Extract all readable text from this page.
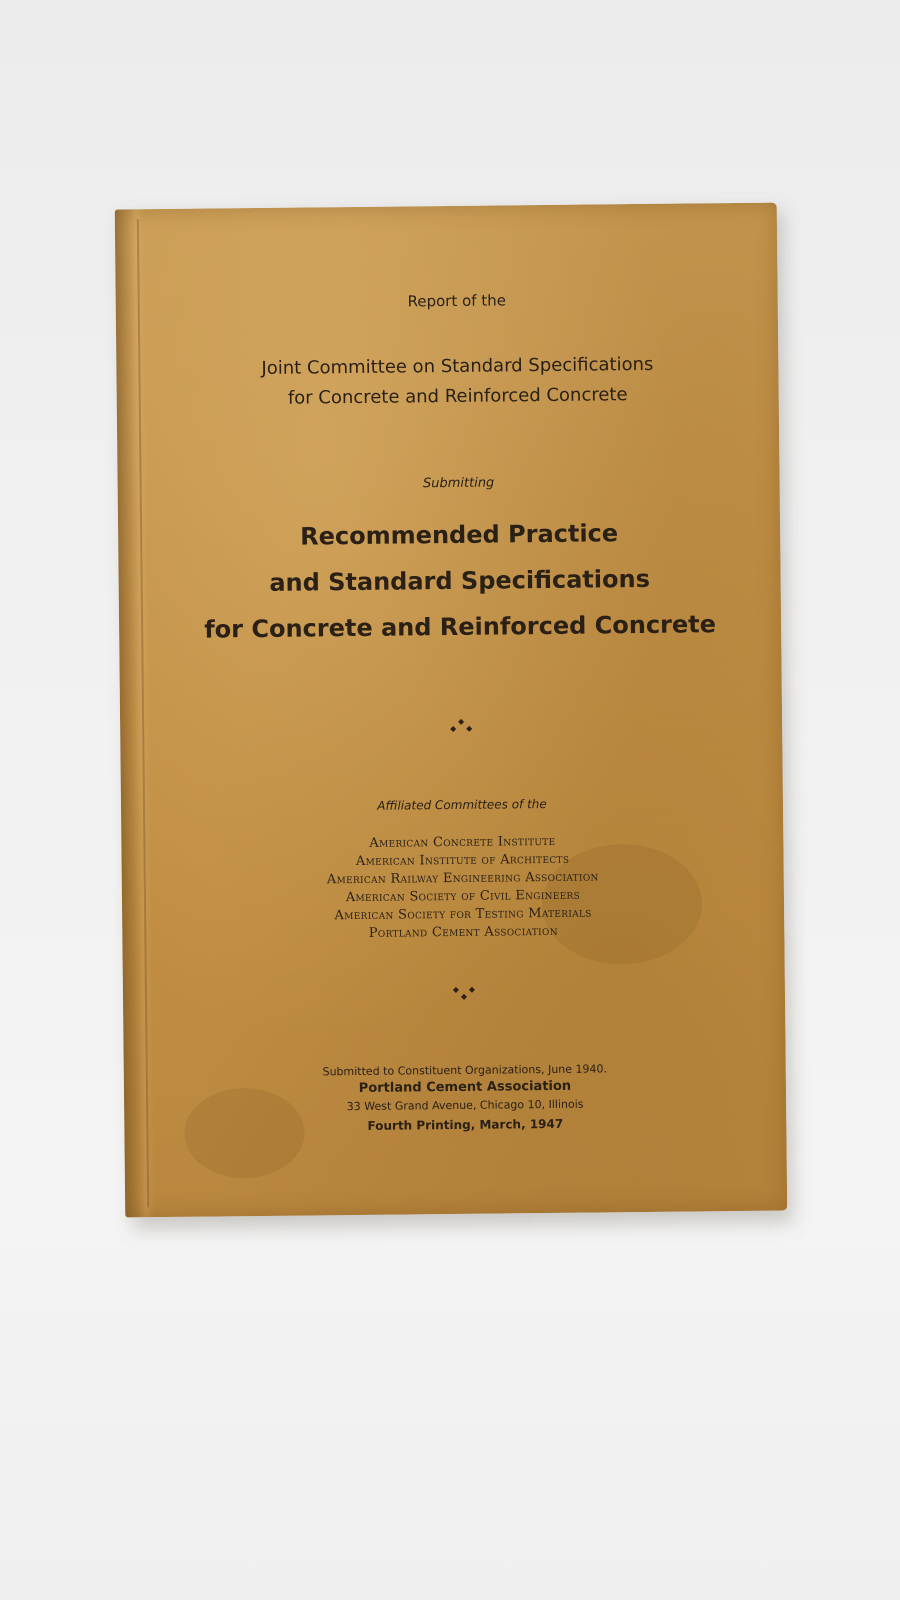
Report of the
Joint Committee on Standard Specifications
for Concrete and Reinforced Concrete
Submitting
Recommended Practice
and Standard Specifications
for Concrete and Reinforced Concrete
Affiliated Committees of the
American Concrete Institute
American Institute of Architects
American Railway Engineering Association
American Society of Civil Engineers
American Society for Testing Materials
Portland Cement Association
Submitted to Constituent Organizations, June 1940.
Portland Cement Association
33 West Grand Avenue, Chicago 10, Illinois
Fourth Printing, March, 1947
